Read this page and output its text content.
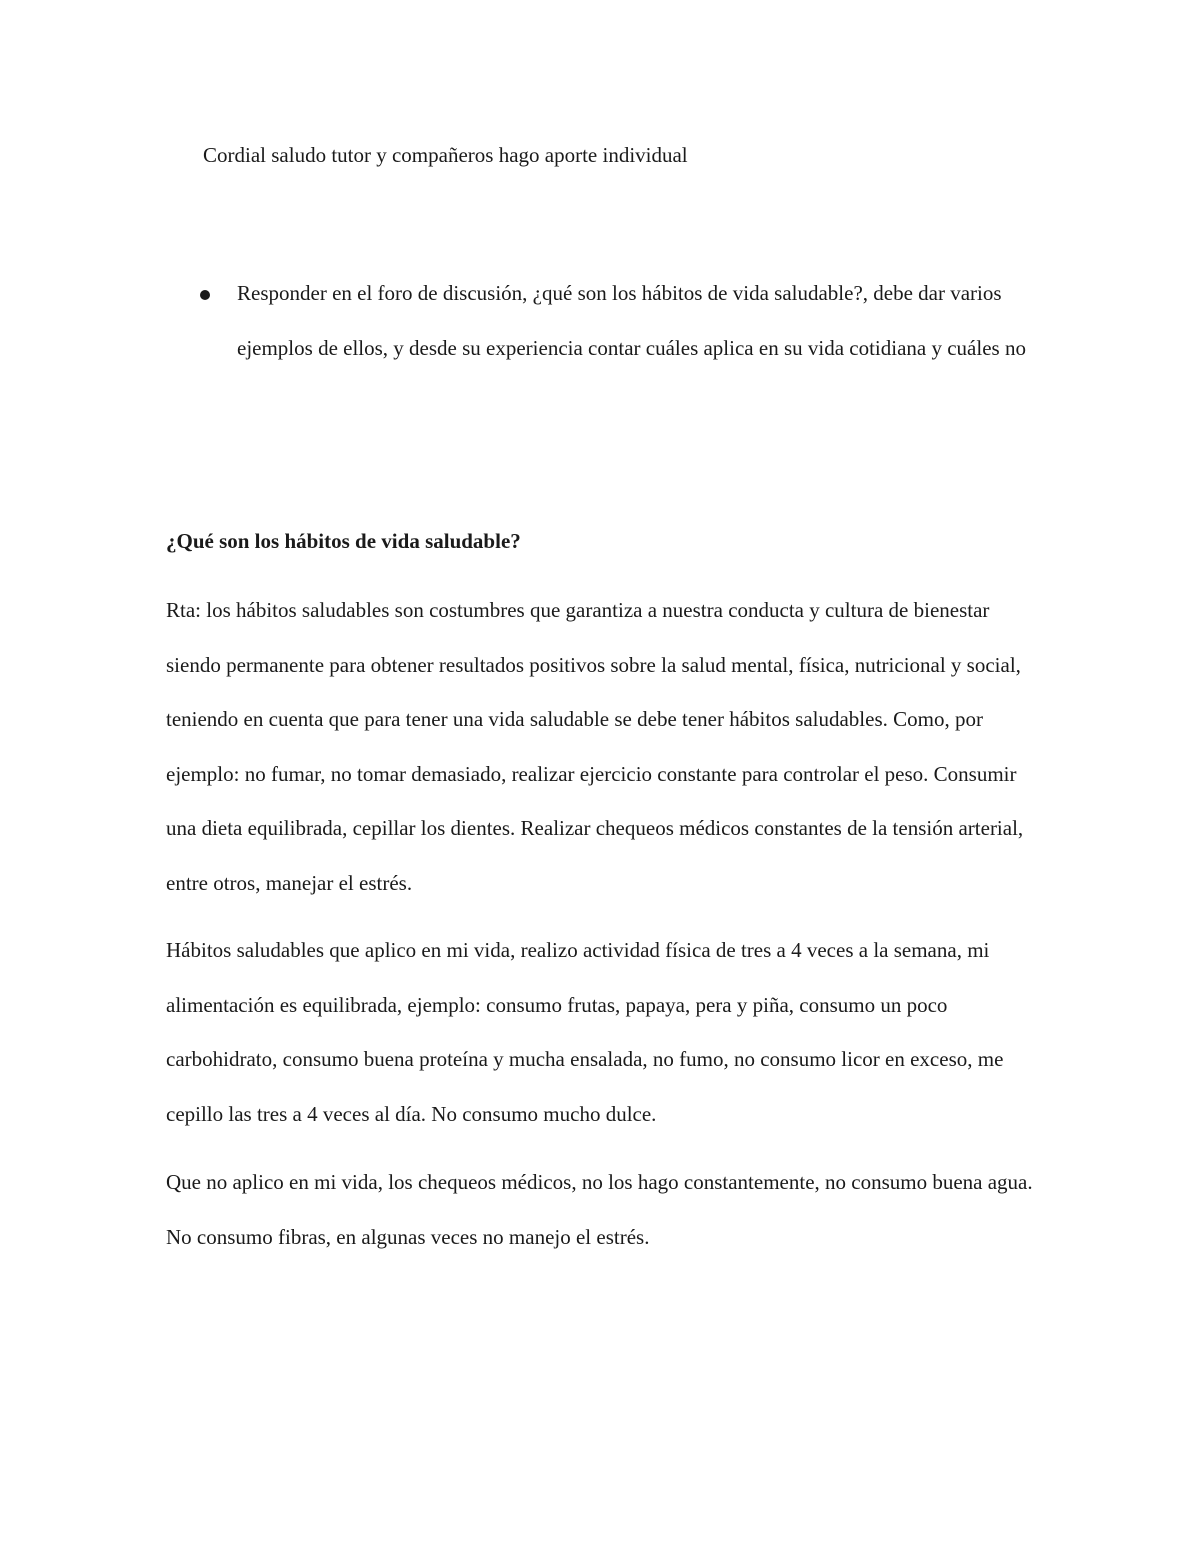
Cordial saludo tutor y compañeros hago aporte individual
Responder en el foro de discusión, ¿qué son los hábitos de vida saludable?, debe dar varios ejemplos de ellos, y desde su experiencia contar cuáles aplica en su vida cotidiana y cuáles no
¿Qué son los hábitos de vida saludable?

Rta: los hábitos saludables son costumbres que garantiza a nuestra conducta y cultura de bienestar siendo permanente para obtener resultados positivos sobre la salud mental, física, nutricional y social, teniendo en cuenta que para tener una vida saludable se debe tener hábitos saludables. Como, por ejemplo: no fumar, no tomar demasiado, realizar ejercicio constante para controlar el peso. Consumir una dieta equilibrada, cepillar los dientes. Realizar chequeos médicos constantes de la tensión arterial, entre otros, manejar el estrés.

Hábitos saludables que aplico en mi vida, realizo actividad física de tres a 4 veces a la semana, mi alimentación es equilibrada, ejemplo: consumo frutas, papaya, pera y piña, consumo un poco carbohidrato, consumo buena proteína y mucha ensalada, no fumo, no consumo licor en exceso, me cepillo las tres a 4 veces al día. No consumo mucho dulce.

Que no aplico en mi vida, los chequeos médicos, no los hago constantemente, no consumo buena agua. No consumo fibras, en algunas veces no manejo el estrés.
